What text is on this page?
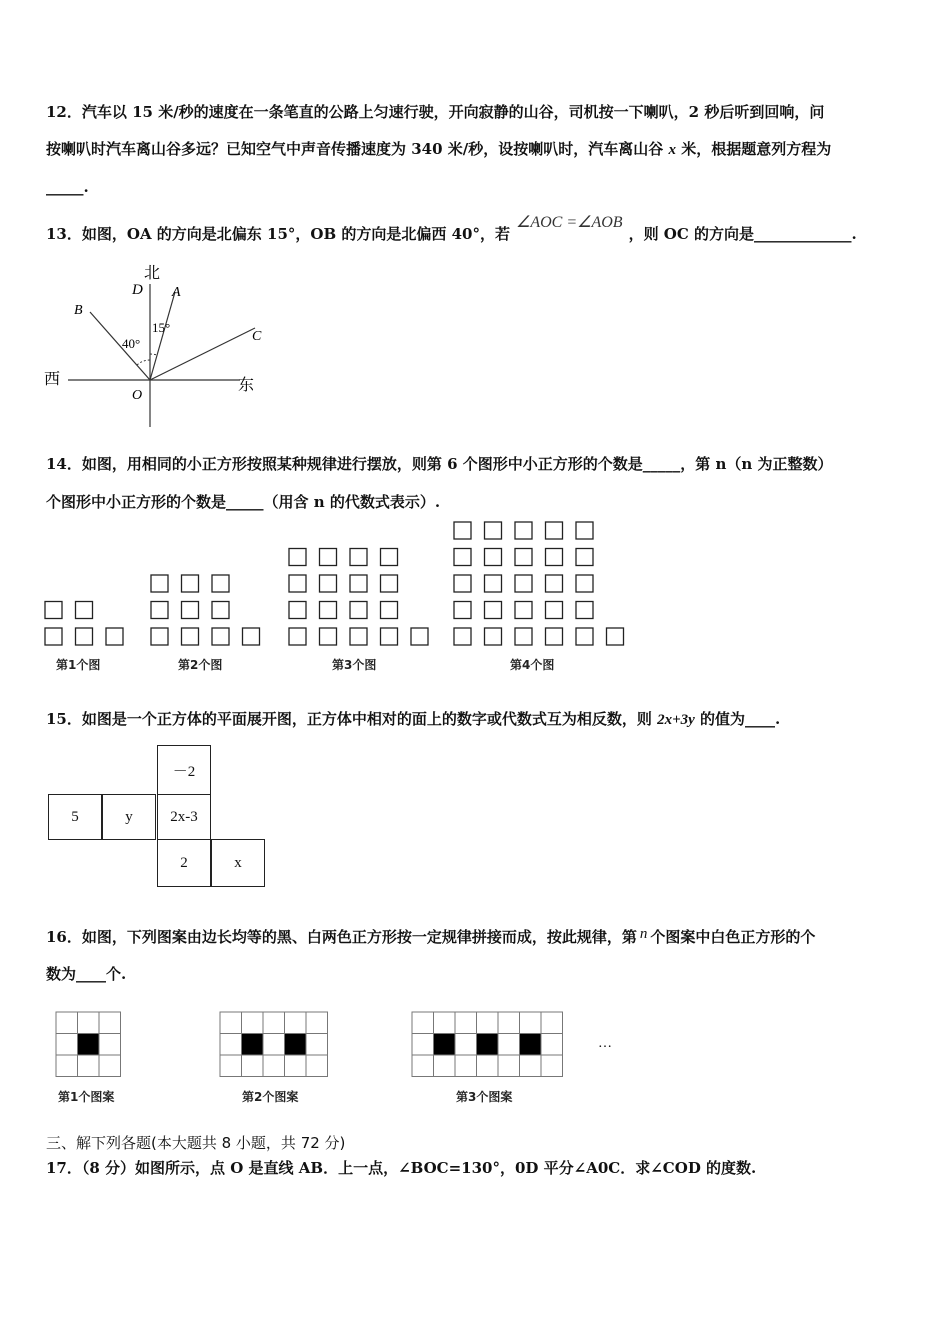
12．汽车以 15 米/秒的速度在一条笔直的公路上匀速行驶，开向寂静的山谷，司机按一下喇叭，2 秒后听到回响，问
按喇叭时汽车离山谷多远？已知空气中声音传播速度为 340 米/秒，设按喇叭时，汽车离山谷 x 米，根据题意列方程为
_____.
13．如图，OA 的方向是北偏东 15°，OB 的方向是北偏西 40°，若∠AOC =∠AOB，则 OC 的方向是_____________.
北
D A
B
C
O
西	东
40°
15°
14．如图，用相同的小正方形按照某种规律进行摆放，则第 6 个图形中小正方形的个数是_____，第 n（n 为正整数）
个图形中小正方形的个数是_____（用含 n 的代数式表示）.
第1个图	第2个图	第3个图	第4个图
15．如图是一个正方体的平面展开图，正方体中相对的面上的数字或代数式互为相反数，则 2x+3y 的值为____.
－2
5	y	2x-3
2	x
16．如图，下列图案由边长均等的黑、白两色正方形按一定规律拼接而成，按此规律，第 n 个图案中白色正方形的个
数为____个.
第1个图案	第2个图案	第3个图案
…
三、解下列各题(本大题共 8 小题，共 72 分)
17．（8 分）如图所示，点 O 是直线 AB．上一点，∠BOC=130°，0D 平分∠A0C．求∠COD 的度数.
